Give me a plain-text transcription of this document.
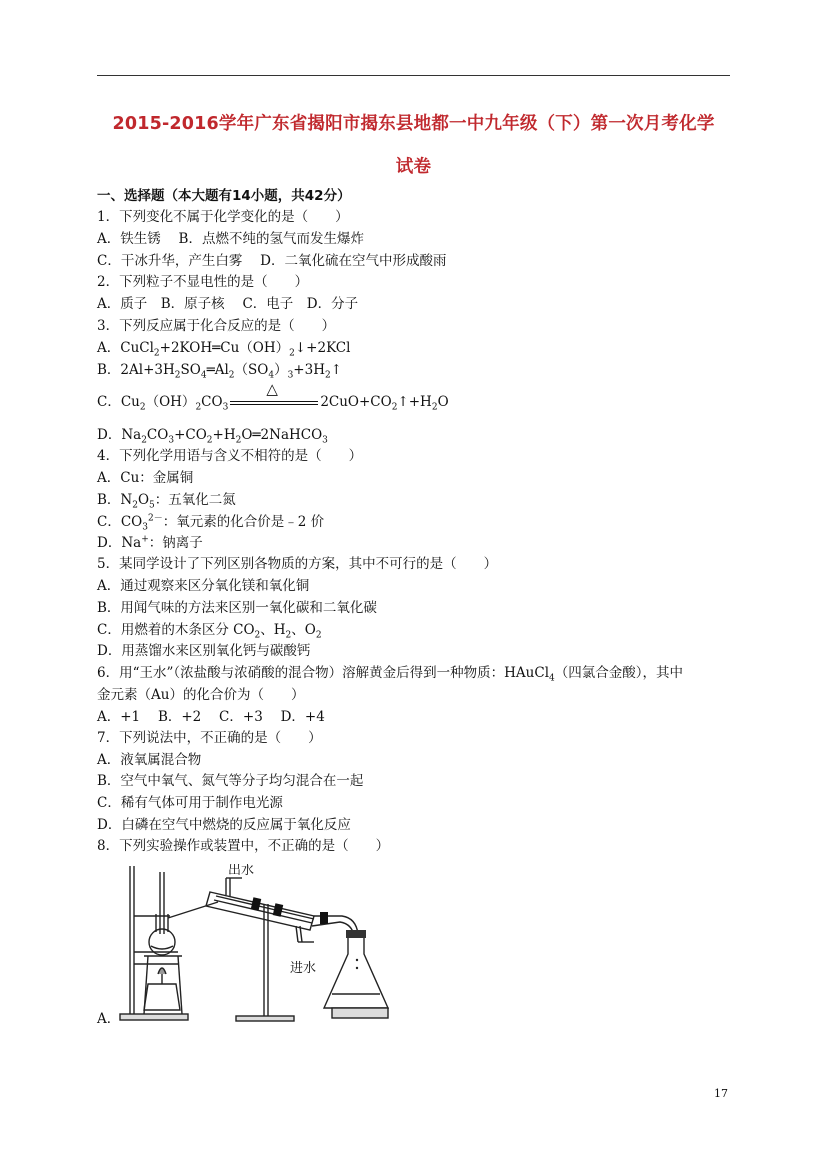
2015-2016学年广东省揭阳市揭东县地都一中九年级（下）第一次月考化学
试卷
一、选择题（本大题有14小题，共42分）
1．下列变化不属于化学变化的是（　　）
A．铁生锈　 B．点燃不纯的氢气而发生爆炸
C．干冰升华，产生白雾　 D．二氧化硫在空气中形成酸雨
2．下列粒子不显电性的是（　　）
A．质子　B．原子核　 C．电子　D．分子
3．下列反应属于化合反应的是（　　）
A．$CuCl_2+2KOH═Cu(OH)_2↓+2KCl$
B．$2Al+3H_2SO_4═Al_2(SO_4)_3+3H_2↑$
C．$Cu_2(OH)_2CO_3$
△
$2CuO+CO_2↑+H_2O$
D．$Na_2CO_3+CO_2+H_2O═2NaHCO_3$
4．下列化学用语与含义不相符的是（　　）
A．Cu：金属铜
B．$N_2O_5$：五氧化二氮
C．$CO_3^{2-}$：氧元素的化合价是﹣2 价
D．Na+：钠离子
5．某同学设计了下列区别各物质的方案，其中不可行的是（　　）
A．通过观察来区分氧化镁和氧化铜
B．用闻气味的方法来区别一氧化碳和二氧化碳
C．用燃着的木条区分 $CO_2$、$H_2$、$O_2$
D．用蒸馏水来区别氧化钙与碳酸钙
6．用“王水”（浓盐酸与浓硝酸的混合物）溶解黄金后得到一种物质：HAuCl$_4$（四氯合金酸），其中
金元素（Au）的化合价为（　　）
A．+1　 B．+2　 C．+3　 D．+4
7．下列说法中，不正确的是（　　）
A．液氧属混合物
B．空气中氧气、氮气等分子均匀混合在一起
C．稀有气体可用于制作电光源
D．白磷在空气中燃烧的反应属于氧化反应
8．下列实验操作或装置中，不正确的是（　　）
A．
出水
进水
17
